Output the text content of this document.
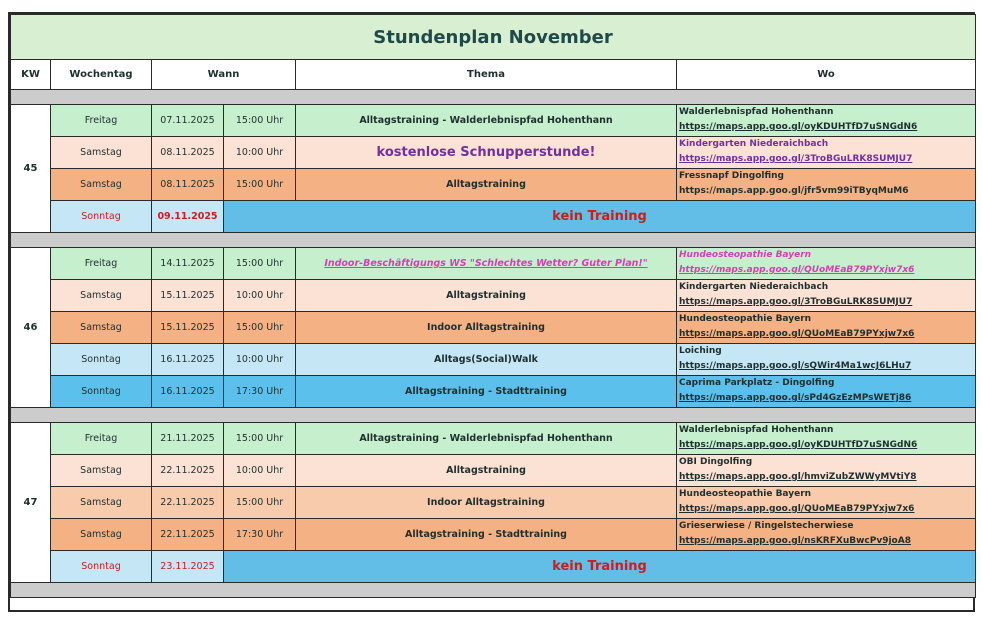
Stundenplan November					
KW	Wochentag	Wann		Thema	Wo

45	Freitag	07.11.2025	15:00 Uhr	Alltagstraining - Walderlebnispfad Hohenthann	Walderlebnispfad Hohenthann
https://maps.app.goo.gl/oyKDUHTfD7uSNGdN6

	Samstag	08.11.2025	10:00 Uhr	kostenlose Schnupperstunde!	Kindergarten Niederaichbach
https://maps.app.goo.gl/3TroBGuLRK8SUMJU7

	Samstag	08.11.2025	15:00 Uhr	Alltagstraining	Fressnapf Dingolfing
https://maps.app.goo.gl/jfr5vm99iTByqMuM6

	Sonntag	09.11.2025	kein Training		

46	Freitag	14.11.2025	15:00 Uhr	Indoor-Beschäftigungs WS "Schlechtes Wetter? Guter Plan!"	Hundeosteopathie Bayern
https://maps.app.goo.gl/QUoMEaB79PYxjw7x6

	Samstag	15.11.2025	10:00 Uhr	Alltagstraining	Kindergarten Niederaichbach
https://maps.app.goo.gl/3TroBGuLRK8SUMJU7

	Samstag	15.11.2025	15:00 Uhr	Indoor Alltagstraining	Hundeosteopathie Bayern
https://maps.app.goo.gl/QUoMEaB79PYxjw7x6

	Sonntag	16.11.2025	10:00 Uhr	Alltags(Social)Walk	Loiching
https://maps.app.goo.gl/sQWir4Ma1wcJ6LHu7

	Sonntag	16.11.2025	17:30 Uhr	Alltagstraining - Stadttraining	Caprima Parkplatz - Dingolfing
https://maps.app.goo.gl/sPd4GzEzMPsWETj86

47	Freitag	21.11.2025	15:00 Uhr	Alltagstraining - Walderlebnispfad Hohenthann	Walderlebnispfad Hohenthann
https://maps.app.goo.gl/oyKDUHTfD7uSNGdN6

	Samstag	22.11.2025	10:00 Uhr	Alltagstraining	OBI Dingolfing
https://maps.app.goo.gl/hmviZubZWWyMVtiY8

	Samstag	22.11.2025	15:00 Uhr	Indoor Alltagstraining	Hundeosteopathie Bayern
https://maps.app.goo.gl/QUoMEaB79PYxjw7x6

	Samstag	22.11.2025	17:30 Uhr	Alltagstraining - Stadttraining	Grieserwiese / Ringelstecherwiese
https://maps.app.goo.gl/nsKRFXuBwcPv9joA8

	Sonntag	23.11.2025	kein Training		
